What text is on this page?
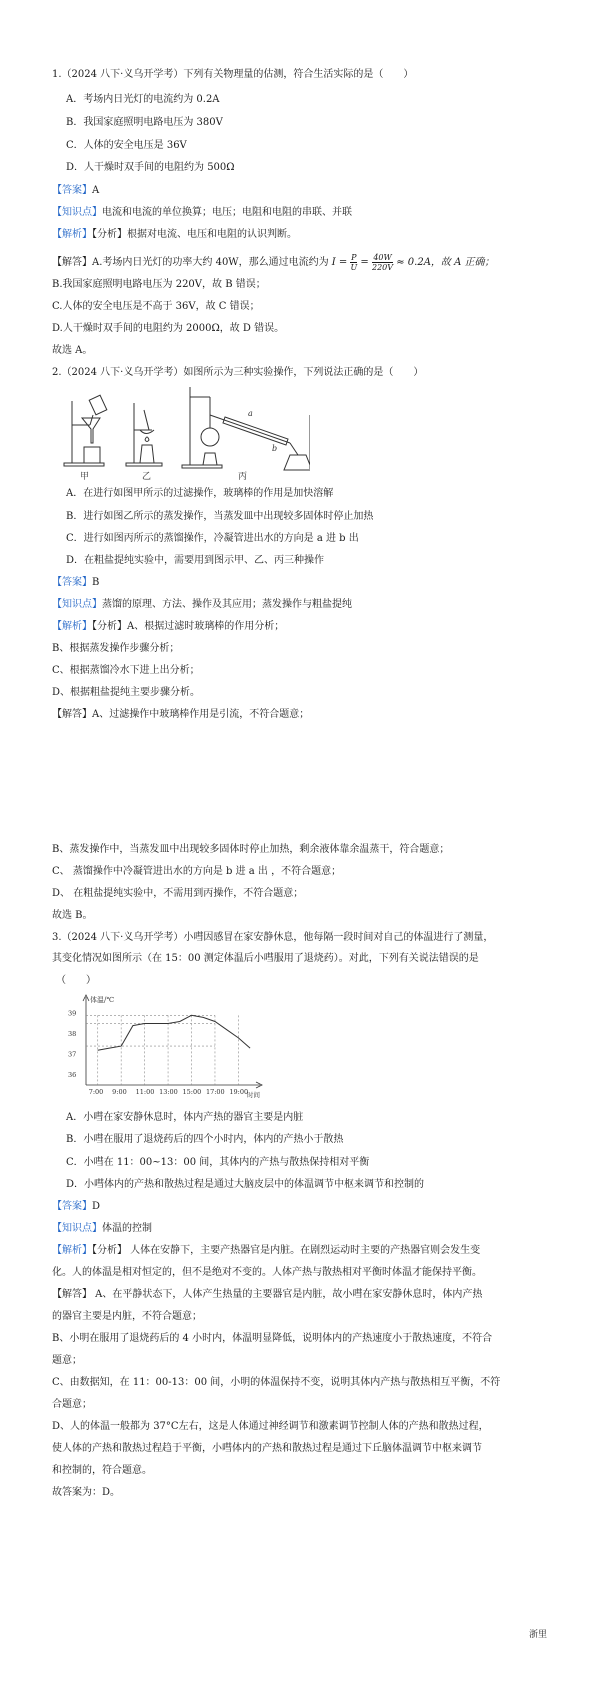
1.（2024 八下·义乌开学考）下列有关物理量的估测，符合生活实际的是（　　）
A．考场内日光灯的电流约为 0.2A
B．我国家庭照明电路电压为 380V
C．人体的安全电压是 36V
D．人干燥时双手间的电阻约为 500Ω
【答案】A
【知识点】电流和电流的单位换算；电压；电阻和电阻的串联、并联
【解析】【分析】根据对电流、电压和电阻的认识判断。
【解答】A.考场内日光灯的功率大约 40W，那么通过电流约为 $I = \frac{P}{U} = \frac{40W}{220V} \approx 0.2A$，故 A 正确；
B.我国家庭照明电路电压为 220V，故 B 错误；
C.人体的安全电压是不高于 36V，故 C 错误；
D.人干燥时双手间的电阻约为 2000Ω，故 D 错误。
故选 A。
2.（2024 八下·义乌开学考）如图所示为三种实验操作，下列说法正确的是（　　）
a
b
甲	乙	丙
A．在进行如图甲所示的过滤操作，玻璃棒的作用是加快溶解
B．进行如图乙所示的蒸发操作，当蒸发皿中出现较多固体时停止加热
C．进行如图丙所示的蒸馏操作，冷凝管进出水的方向是 a 进 b 出
D．在粗盐提纯实验中，需要用到图示甲、乙、丙三种操作
【答案】B
【知识点】蒸馏的原理、方法、操作及其应用；蒸发操作与粗盐提纯
【解析】【分析】A、根据过滤时玻璃棒的作用分析；
B、根据蒸发操作步骤分析；
C、根据蒸馏冷水下进上出分析；
D、根据粗盐提纯主要步骤分析。
【解答】A、过滤操作中玻璃棒作用是引流，不符合题意；
B、蒸发操作中，当蒸发皿中出现较多固体时停止加热，剩余液体靠余温蒸干，符合题意；
C、 蒸馏操作中冷凝管进出水的方向是 b 进 a 出 ，不符合题意；
D、 在粗盐提纯实验中，不需用到丙操作，不符合题意；
故选 B。
3.（2024 八下·义乌开学考）小嘒因感冒在家安静休息，他每隔一段时间对自己的体温进行了测量，
其变化情况如图所示（在 15：00 测定体温后小嘒服用了退烧药）。对此，下列有关说法错误的是
（　　）
36
37
38
39
7:00 9:00 11:00 13:00 15:00 17:00 19:00
体温/℃
时间
A．小嘒在家安静休息时，体内产热的器官主要是内脏
B．小嘒在服用了退烧药后的四个小时内，体内的产热小于散热
C．小嘒在 11：00~13：00 间，其体内的产热与散热保持相对平衡
D．小嘒体内的产热和散热过程是通过大脑皮层中的体温调节中枢来调节和控制的
【答案】D
【知识点】体温的控制
【解析】【分析】 人体在安静下，主要产热器官是内脏。在剧烈运动时主要的产热器官则会发生变
化。人的体温是相对恒定的，但不是绝对不变的。人体产热与散热相对平衡时体温才能保持平衡。
【解答】 A、在平静状态下，人体产生热量的主要器官是内脏，故小嘒在家安静休息时，体内产热
的器官主要是内脏，不符合题意；
B、小明在服用了退烧药后的 4 小时内，体温明显降低，说明体内的产热速度小于散热速度，不符合
题意；
C、由数据知，在 11：00-13：00 间，小明的体温保持不变，说明其体内产热与散热相互平衡，不符
合题意；
D、人的体温一般都为 37°C左右，这是人体通过神经调节和激素调节控制人体的产热和散热过程，
使人体的产热和散热过程趋于平衡，小嘒体内的产热和散热过程是通过下丘脑体温调节中枢来调节
和控制的，符合题意。
故答案为：D。
浙里
